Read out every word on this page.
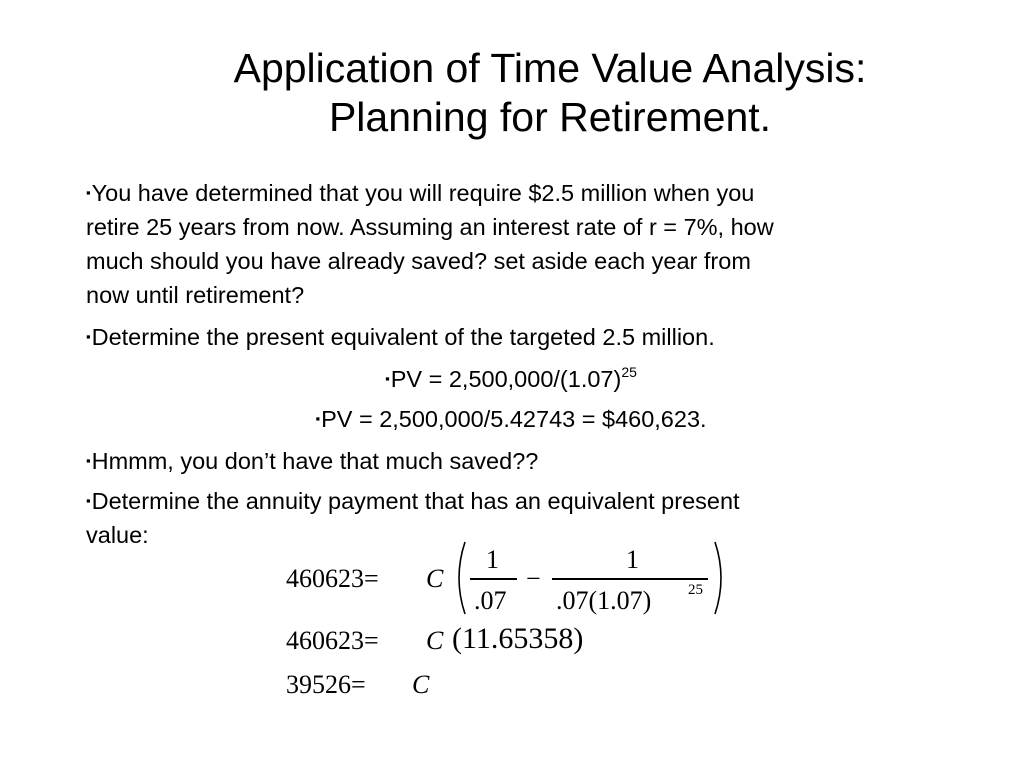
Application of Time Value Analysis:
Planning for Retirement.
▪You have determined that you will require $2.5 million when you
retire 25 years from now. Assuming an interest rate of r = 7%, how
much should you have already saved? set aside each year from
now until retirement?
▪Determine the present equivalent of the targeted 2.5 million.
▪PV = $2,500,000/(1.07)^{25}$
▪PV = 2,500,000/5.42743 = $460,623.
▪Hmmm, you don’t have that much saved??
▪Determine the annuity payment that has an equivalent present
value:
460623= C
1
.07
−
1
.07(1.07) 25
460623= C (11.65358)
39526= C
